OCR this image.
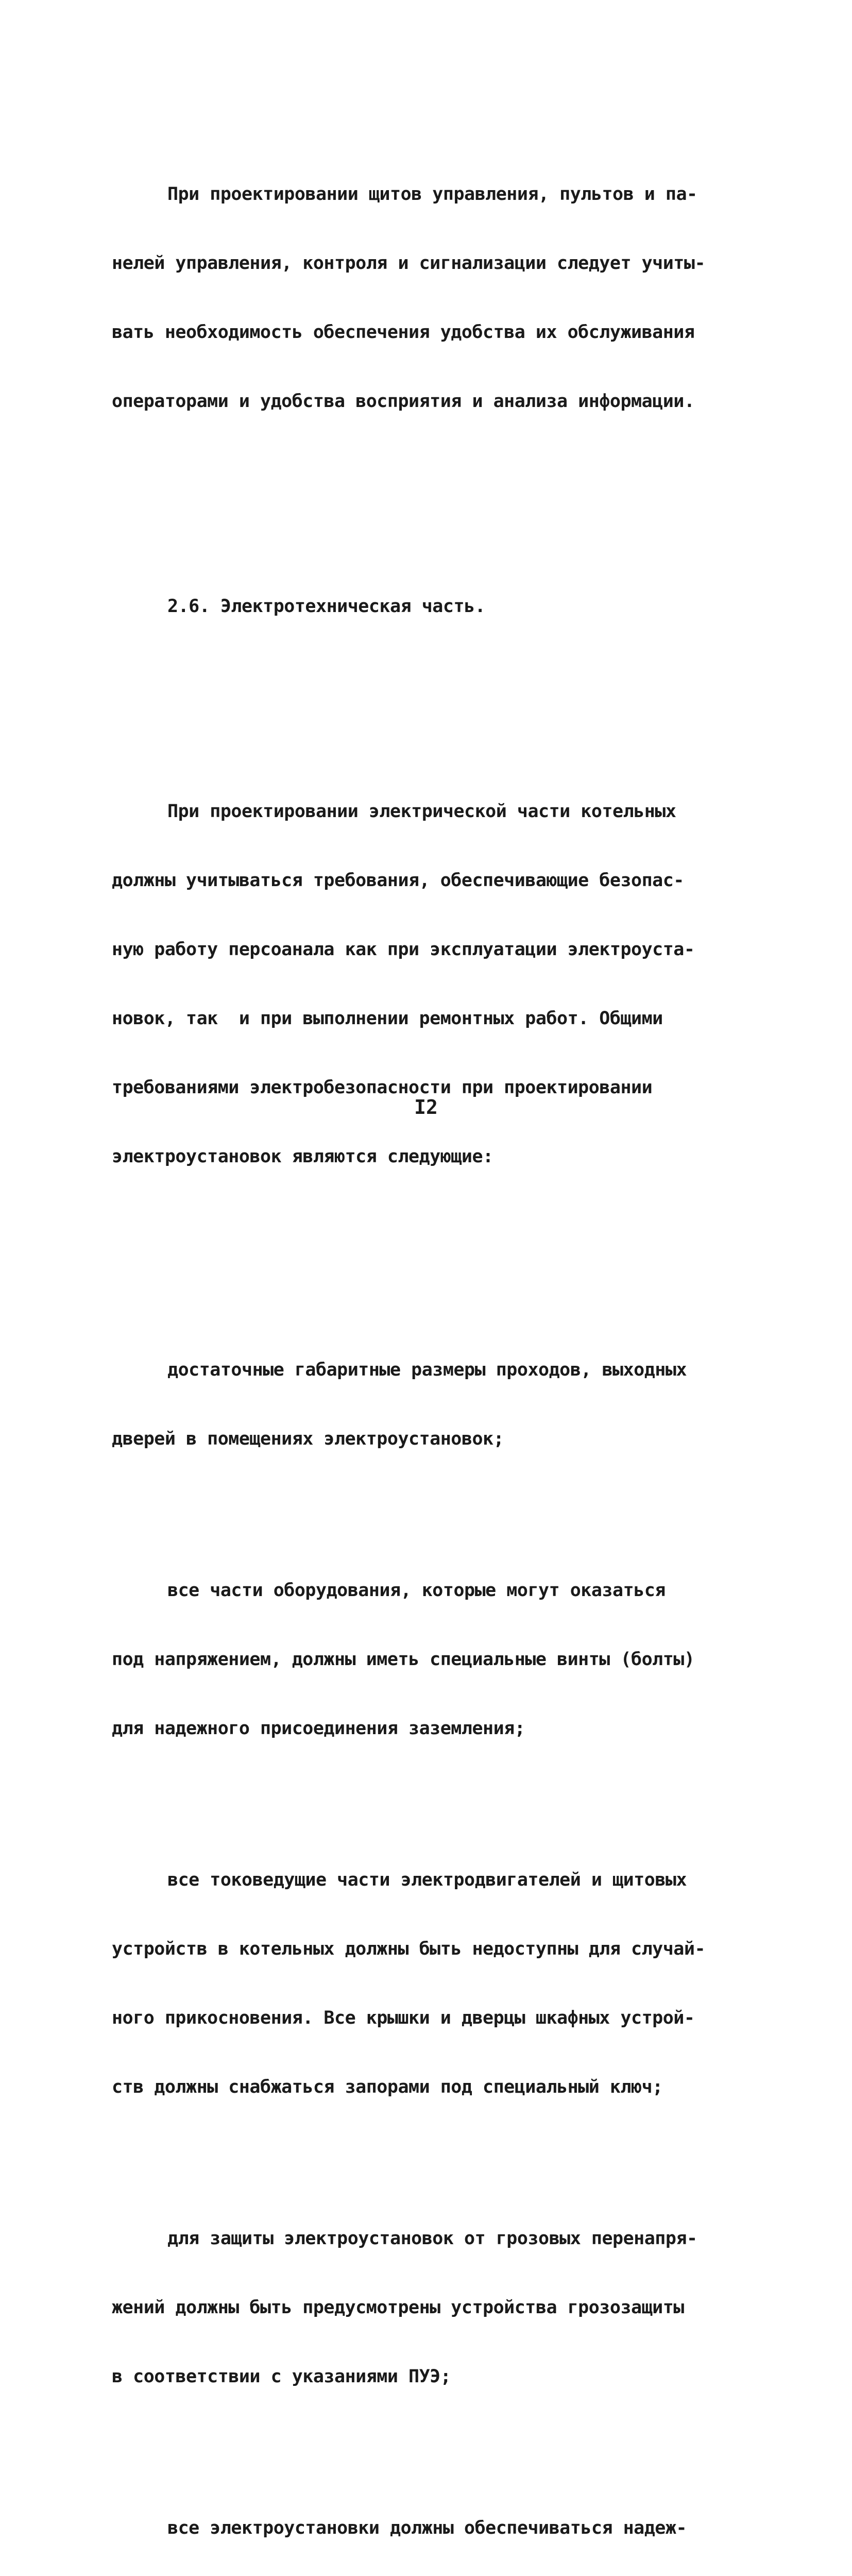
При проектировании щитов управления, пультов и па-

нелей управления, контроля и сигнализации следует учиты-

вать необходимость обеспечения удобства их обслуживания

операторами и удобства восприятия и анализа информации.

2.6. Электротехническая часть.

При проектировании электрической части котельных

должны учитываться требования, обеспечивающие безопас-

ную работу персоанала как при эксплуатации электроуста-

новок, так  и при выполнении ремонтных работ. Общими

требованиями электробезопасности при проектировании

электроустановок являются следующие:

достаточные габаритные размеры проходов, выходных

дверей в помещениях электроустановок;

все части оборудования, которые могут оказаться

под напряжением, должны иметь специальные винты (болты)

для надежного присоединения заземления;

все токоведущие части электродвигателей и щитовых

устройств в котельных должны быть недоступны для случай-

ного прикосновения. Все крышки и дверцы шкафных устрой-

ств должны снабжаться запорами под специальный ключ;

для защиты электроустановок от грозовых перенапря-

жений должны быть предусмотрены устройства грозозащиты

в соответствии с указаниями ПУЭ;

все электроустановки должны обеспечиваться надеж-

I2
